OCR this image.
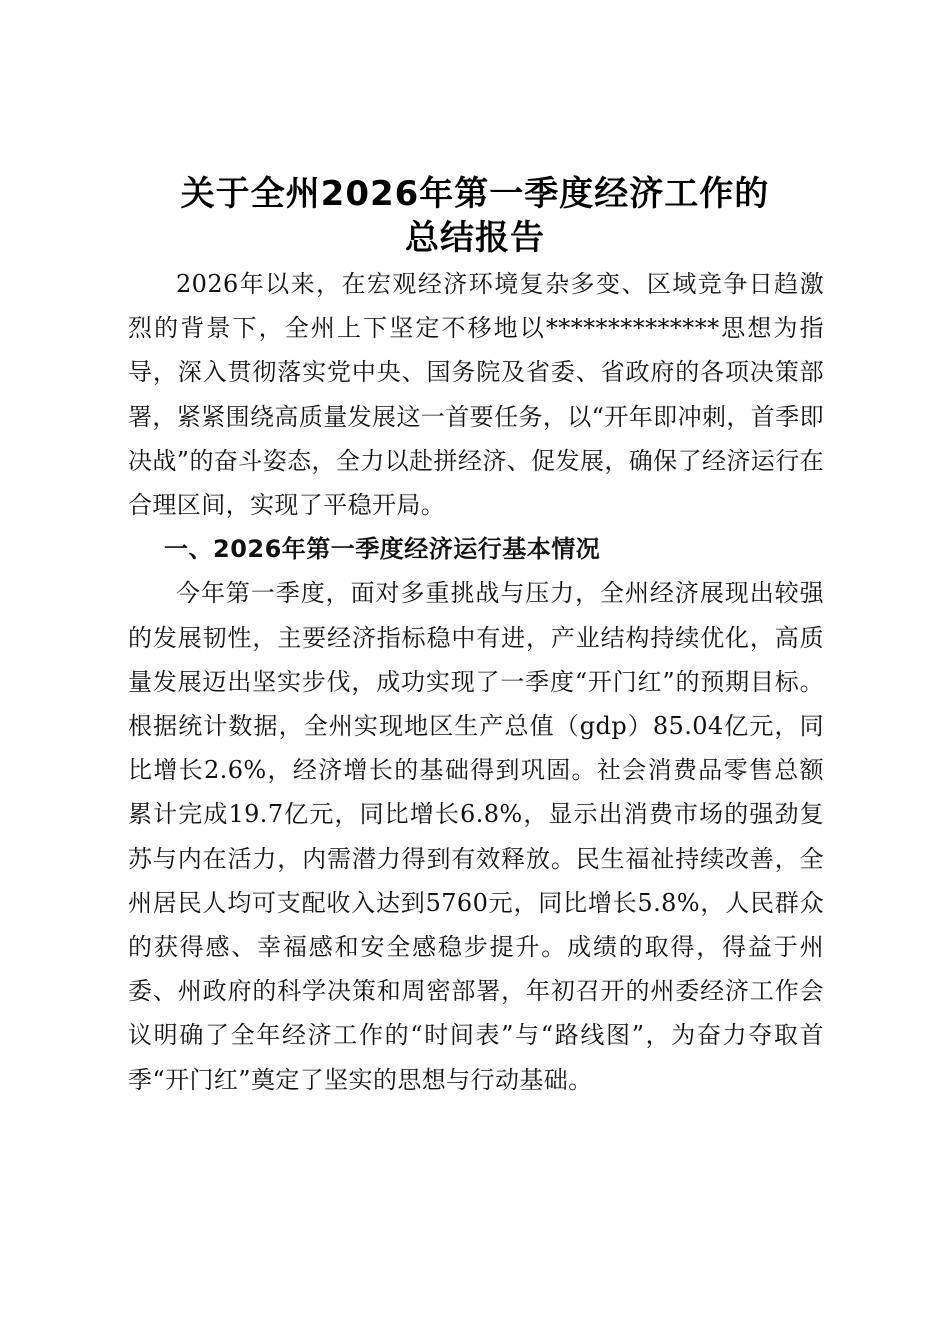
关于全州2026年第一季度经济工作的
总结报告

2026年以来，在宏观经济环境复杂多变、区域竞争日趋激烈的背景下，全州上下坚定不移地以**************思想为指导，深入贯彻落实党中央、国务院及省委、省政府的各项决策部署，紧紧围绕高质量发展这一首要任务，以“开年即冲刺，首季即决战”的奋斗姿态，全力以赴拼经济、促发展，确保了经济运行在合理区间，实现了平稳开局。

一、2026年第一季度经济运行基本情况

今年第一季度，面对多重挑战与压力，全州经济展现出较强的发展韧性，主要经济指标稳中有进，产业结构持续优化，高质量发展迈出坚实步伐，成功实现了一季度“开门红”的预期目标。根据统计数据，全州实现地区生产总值（gdp）85.04亿元，同比增长2.6%，经济增长的基础得到巩固。社会消费品零售总额累计完成19.7亿元，同比增长6.8%，显示出消费市场的强劲复苏与内在活力，内需潜力得到有效释放。民生福祉持续改善，全州居民人均可支配收入达到5760元，同比增长5.8%，人民群众的获得感、幸福感和安全感稳步提升。成绩的取得，得益于州委、州政府的科学决策和周密部署，年初召开的州委经济工作会议明确了全年经济工作的“时间表”与“路线图”，为奋力夺取首季“开门红”奠定了坚实的思想与行动基础。
